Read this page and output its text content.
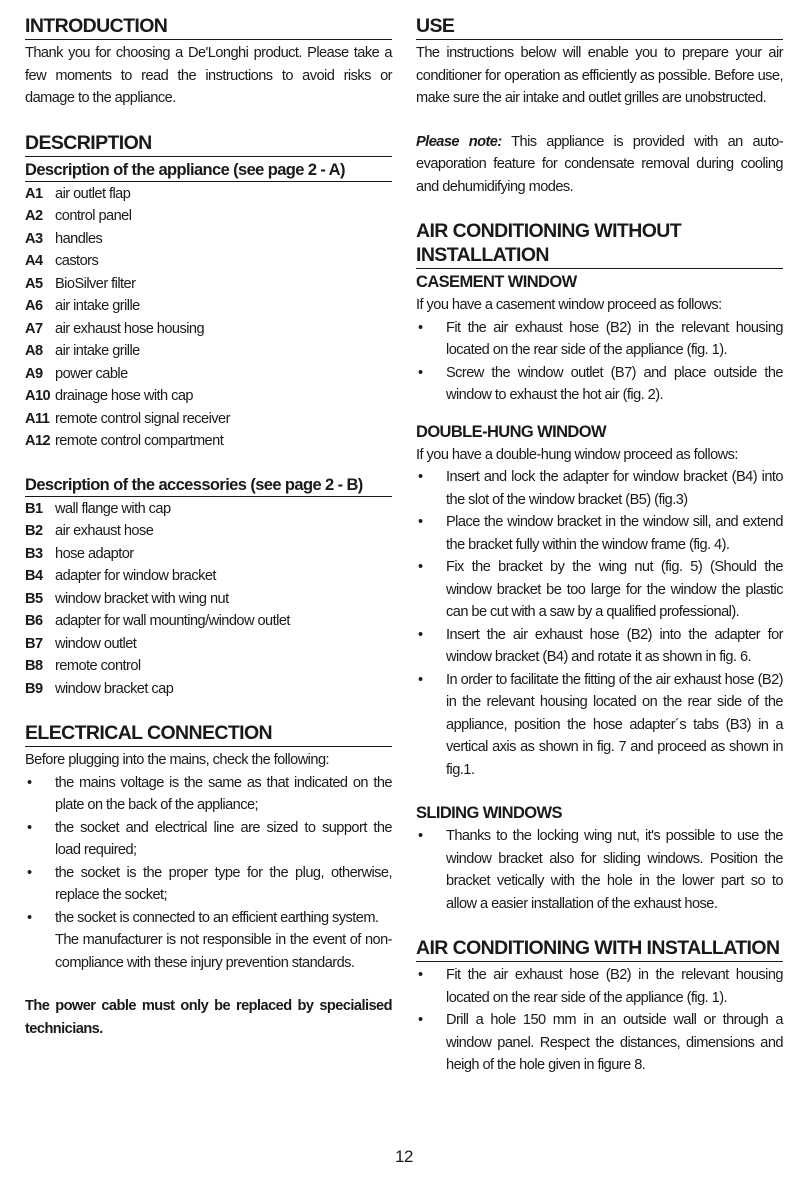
INTRODUCTION

Thank you for choosing a De'Longhi product. Please take a few moments to read the instructions to avoid risks or damage to the appliance.

DESCRIPTION
Description of the appliance (see page 2 - A)
A1 air outlet flap
A2 control panel
A3 handles
A4 castors
A5 BioSilver filter
A6 air intake grille
A7 air exhaust hose housing
A8 air intake grille
A9 power cable
A10 drainage hose with cap
A11 remote control signal receiver
A12 remote control compartment
Description of the accessories (see page 2 - B)
B1 wall flange with cap
B2 air exhaust hose
B3 hose adaptor
B4 adapter for window bracket
B5 window bracket with wing nut
B6 adapter for wall mounting/window outlet
B7 window outlet
B8 remote control
B9 window bracket cap
ELECTRICAL CONNECTION

Before plugging into the mains, check the following:

•	the mains voltage is the same as that indicated on the plate on the back of the appliance;
•	the socket and electrical line are sized to support the load required;
•	the socket is the proper type for the plug, otherwise, replace the socket;
•	the socket is connected to an efficient earthing system.
The manufacturer is not responsible in the event of non-compliance with these injury prevention standards.

The power cable must only be replaced by specialised technicians.

USE

The instructions below will enable you to prepare your air conditioner for operation as efficiently as possible. Before use, make sure the air intake and outlet grilles are unobstructed.

Please note: This appliance is provided with an auto-evaporation feature for condensate removal during cooling and dehumidifying modes.

AIR CONDITIONING WITHOUT INSTALLATION
CASEMENT WINDOW

If you have a casement window proceed as follows:

•	Fit the air exhaust hose (B2) in the relevant housing located on the rear side of the appliance (fig. 1).
•	Screw the window outlet (B7) and place outside the window to exhaust the hot air (fig. 2).
DOUBLE-HUNG WINDOW

If you have a double-hung window proceed as follows:

•	Insert and lock the adapter for window bracket (B4) into the slot of the window bracket (B5) (fig.3)
•	Place the window bracket in the window sill, and extend the bracket fully within the window frame (fig. 4).
•	Fix the bracket by the wing nut (fig. 5) (Should the window bracket be too large for the window the plastic can be cut with a saw by a qualified professional).
•	Insert the air exhaust hose (B2) into the adapter for window bracket (B4) and rotate it as shown in fig. 6.
•	In order to facilitate the fitting of the air exhaust hose (B2) in the relevant housing located on the rear side of the appliance, position the hose adapter´s tabs (B3) in a vertical axis as shown in fig. 7 and proceed as shown in fig.1.
SLIDING WINDOWS
•	Thanks to the locking wing nut, it's possible to use the window bracket also for sliding windows. Position the bracket vetically with the hole in the lower part so to allow a easier installation of the exhaust hose.
AIR CONDITIONING WITH INSTALLATION
•	Fit the air exhaust hose (B2) in the relevant housing located on the rear side of the appliance (fig. 1).
•	Drill a hole 150 mm in an outside wall or through a window panel. Respect the distances, dimensions and heigh of the hole given in figure 8.
12
